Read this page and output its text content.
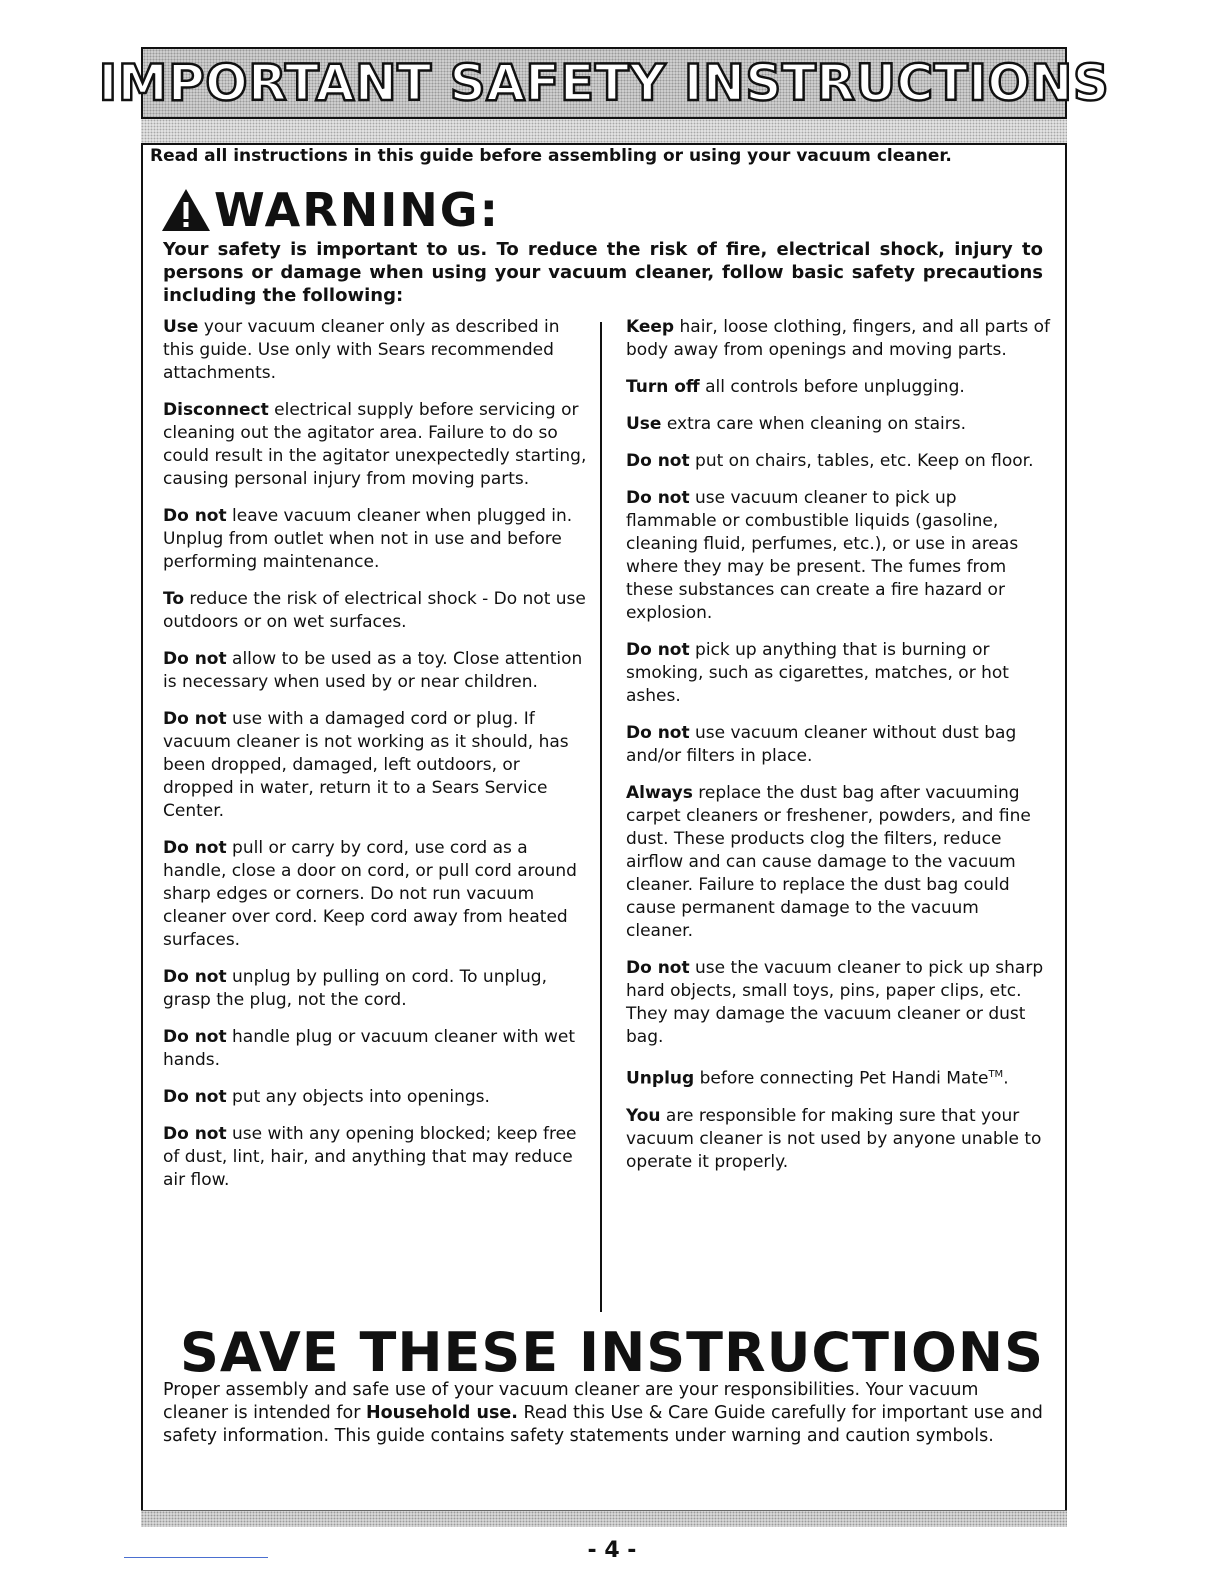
IMPORTANT SAFETY INSTRUCTIONS
Read all instructions in this guide before assembling or using your vacuum cleaner.
WARNING:
Your safety is important to us. To reduce the risk of fire, electrical shock, injury to persons or damage when using your vacuum cleaner, follow basic safety precautions including the following:

Use your vacuum cleaner only as described in this guide. Use only with Sears recommended attachments.

Disconnect electrical supply before servicing or cleaning out the agitator area. Failure to do so could result in the agitator unexpectedly starting, causing personal injury from moving parts.

Do not leave vacuum cleaner when plugged in. Unplug from outlet when not in use and before performing maintenance.

To reduce the risk of electrical shock - Do not use outdoors or on wet surfaces.

Do not allow to be used as a toy. Close attention is necessary when used by or near children.

Do not use with a damaged cord or plug. If vacuum cleaner is not working as it should, has been dropped, damaged, left outdoors, or dropped in water, return it to a Sears Service Center.

Do not pull or carry by cord, use cord as a handle, close a door on cord, or pull cord around sharp edges or corners. Do not run vacuum cleaner over cord. Keep cord away from heated surfaces.

Do not unplug by pulling on cord. To unplug, grasp the plug, not the cord.

Do not handle plug or vacuum cleaner with wet hands.

Do not put any objects into openings.

Do not use with any opening blocked; keep free of dust, lint, hair, and anything that may reduce air flow.

Keep hair, loose clothing, fingers, and all parts of body away from openings and moving parts.

Turn off all controls before unplugging.

Use extra care when cleaning on stairs.

Do not put on chairs, tables, etc. Keep on floor.

Do not use vacuum cleaner to pick up flammable or combustible liquids (gasoline, cleaning fluid, perfumes, etc.), or use in areas where they may be present. The fumes from these substances can create a fire hazard or explosion.

Do not pick up anything that is burning or smoking, such as cigarettes, matches, or hot ashes.

Do not use vacuum cleaner without dust bag and/or filters in place.

Always replace the dust bag after vacuuming carpet cleaners or freshener, powders, and fine dust. These products clog the filters, reduce airflow and can cause damage to the vacuum cleaner. Failure to replace the dust bag could cause permanent damage to the vacuum cleaner.

Do not use the vacuum cleaner to pick up sharp hard objects, small toys, pins, paper clips, etc. They may damage the vacuum cleaner or dust bag.

Unplug before connecting Pet Handi Mate™.

You are responsible for making sure that your vacuum cleaner is not used by anyone unable to operate it properly.

SAVE THESE INSTRUCTIONS
Proper assembly and safe use of your vacuum cleaner are your responsibilities. Your vacuum cleaner is intended for Household use. Read this Use & Care Guide carefully for important use and safety information. This guide contains safety statements under warning and caution symbols.
- 4 -
